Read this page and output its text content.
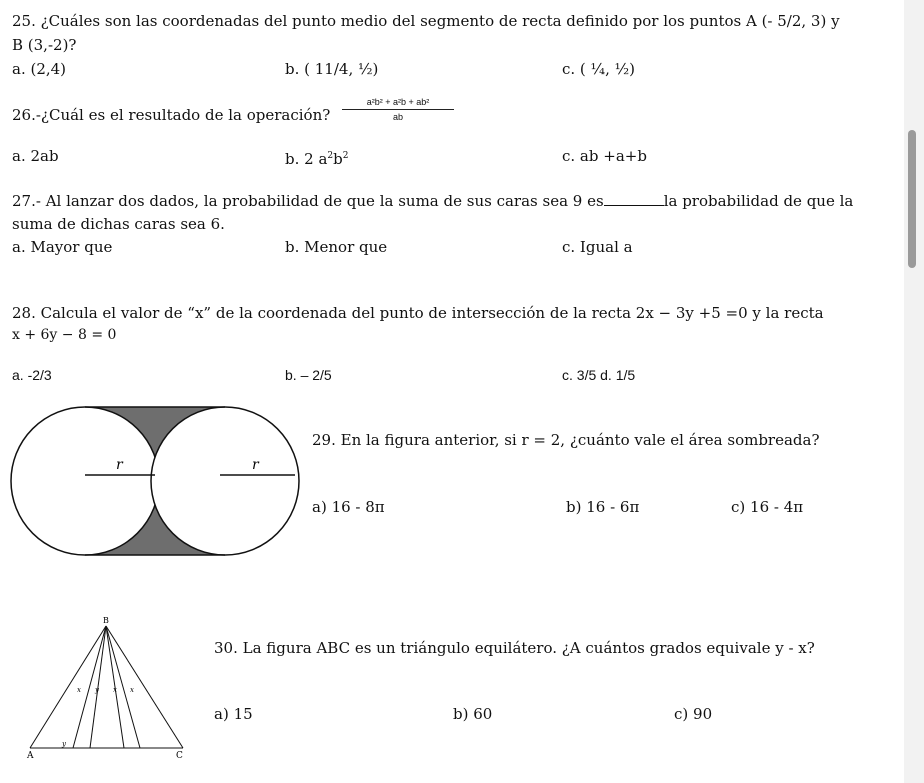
25. ¿Cuáles son las coordenadas del punto medio del segmento de recta definido por los puntos A (- 5/2, 3) y
B (3,-2)?
a. (2,4)	b. ( 11/4, ½)	c. ( ¼, ½)
26.-¿Cuál es el resultado de la operación? $\frac{\text{a²b² + a²b + ab²}}{ab}$
a. 2ab	b. 2 $a^2b^2$	c. ab +a+b
27.- Al lanzar dos dados, la probabilidad de que la suma de sus caras sea 9 es	la probabilidad de que la
suma de dichas caras sea 6.
a. Mayor que	b. Menor que	c. Igual a
28. Calcula el valor de “x” de la coordenada del punto de intersección de la recta 2x − 3y +5 =0 y la recta
x + 6y − 8 = 0
a. -2/3	b. – 2/5	c. 3/5 d. 1/5
r	r
29. En la figura anterior, si r = 2, ¿cuánto vale el área sombreada?
a) 16 - 8π	b) 16 - 6π	c) 16 - 4π
B
A	C
x y x x
y
30. La figura ABC es un triángulo equilátero. ¿A cuántos grados equivale y - x?
a) 15	b) 60	c) 90
